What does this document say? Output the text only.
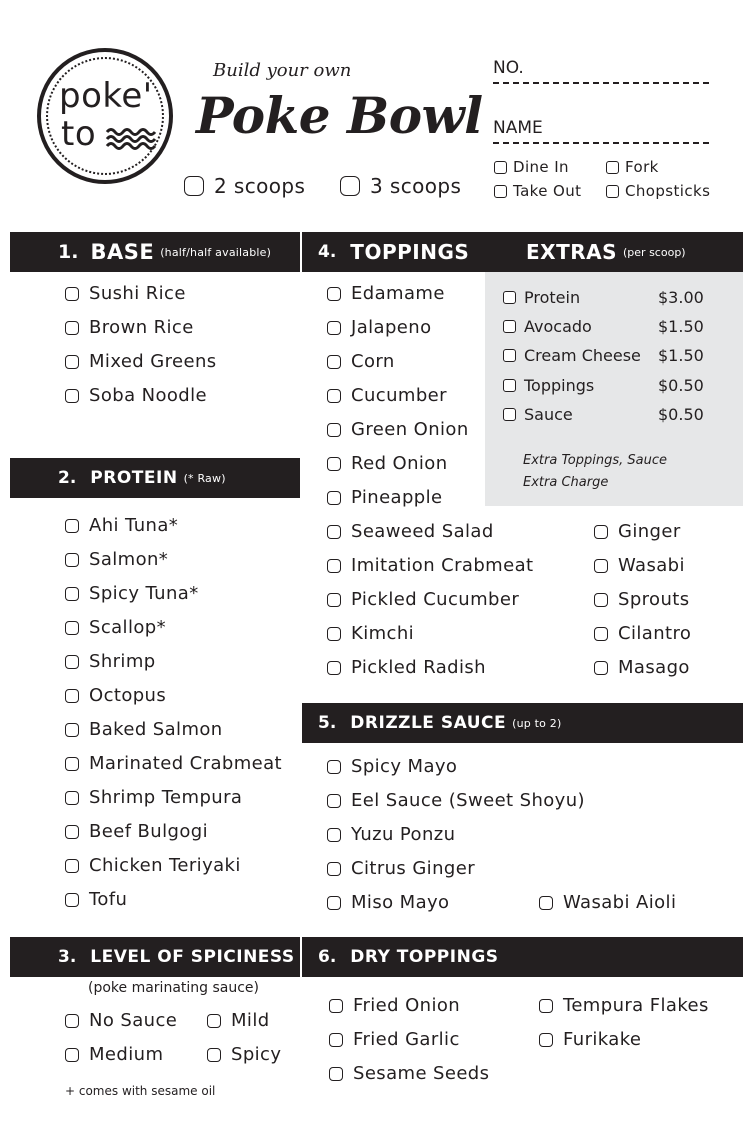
poke'
to
Build your own
Poke Bowl
2 scoops	3 scoops
NO.
NAME
Dine In
Take Out
Fork
Chopsticks
1. BASE (half/half available)	4. TOPPINGS	EXTRAS (per scoop)
2. PROTEIN (* Raw)
5. DRIZZLE SAUCE (up to 2)
3. LEVEL OF SPICINESS 6. DRY TOPPINGS
Protein	$3.00
Avocado	$1.50
Cream Cheese $1.50
Toppings	$0.50
Sauce	$0.50
Extra Toppings, Sauce
Extra Charge
Sushi Rice
Brown Rice
Mixed Greens
Soba Noodle
Ahi Tuna*
Salmon*
Spicy Tuna*
Scallop*
Shrimp
Octopus
Baked Salmon
Marinated Crabmeat
Shrimp Tempura
Beef Bulgogi
Chicken Teriyaki
Tofu
(poke marinating sauce)
No Sauce	Mild
Medium	Spicy
+ comes with sesame oil
Edamame
Jalapeno
Corn
Cucumber
Green Onion
Red Onion
Pineapple
Seaweed Salad
Imitation Crabmeat
Pickled Cucumber
Kimchi
Pickled Radish
Ginger
Wasabi
Sprouts
Cilantro
Masago
Spicy Mayo
Eel Sauce (Sweet Shoyu)
Yuzu Ponzu
Citrus Ginger
Miso Mayo	Wasabi Aioli
Fried Onion	Tempura Flakes
Fried Garlic	Furikake
Sesame Seeds
